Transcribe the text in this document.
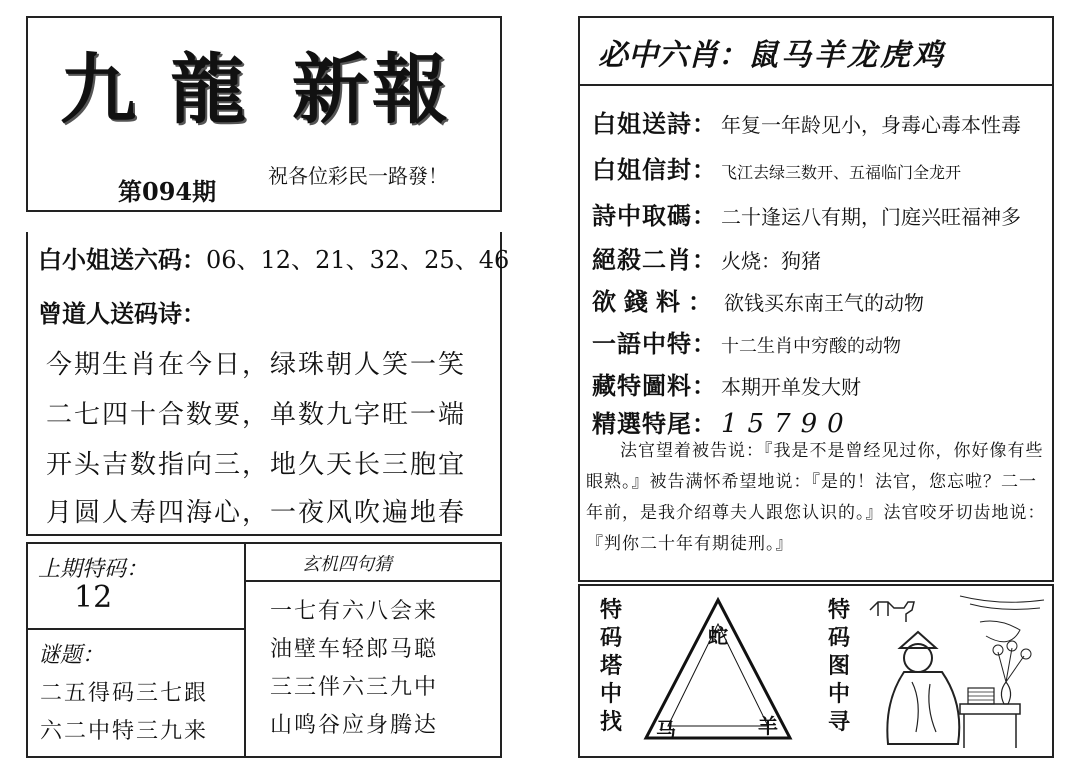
九 龍 新 報
第094期
祝各位彩民一路發！
白小姐送六码：06、12、21、32、25、46
曾道人送码诗：
今期生肖在今日，绿珠朝人笑一笑
二七四十合数要，单数九字旺一端
开头吉数指向三，地久天长三胞宜
月圆人寿四海心，一夜风吹遍地春
上期特码：
12
谜题：
二五得码三七跟
六二中特三九来
玄机四句猜
一七有六八会来
油壁车轻郎马聪
三三伴六三九中
山鸣谷应身腾达
必中六肖：鼠马羊龙虎鸡
白姐送詩： 年复一年龄见小，身毒心毒本性毒
白姐信封： 飞江去绿三数开、五福临门全龙开
詩中取碼： 二十逢运八有期，门庭兴旺福神多
絕殺二肖： 火烧：狗猪
欲錢料： 欲钱买东南王气的动物
一語中特： 十二生肖中穷酸的动物
藏特圖料： 本期开单发大财
精選特尾： 15790
法官望着被告说：『我是不是曾经见过你，你好像有些眼熟。』被告满怀希望地说：『是的！法官，您忘啦？二一年前，是我介绍尊夫人跟您认识的。』法官咬牙切齿地说：『判你二十年有期徒刑。』
特
码
塔
中
找
蛇
马	羊
特
码
图
中
寻
